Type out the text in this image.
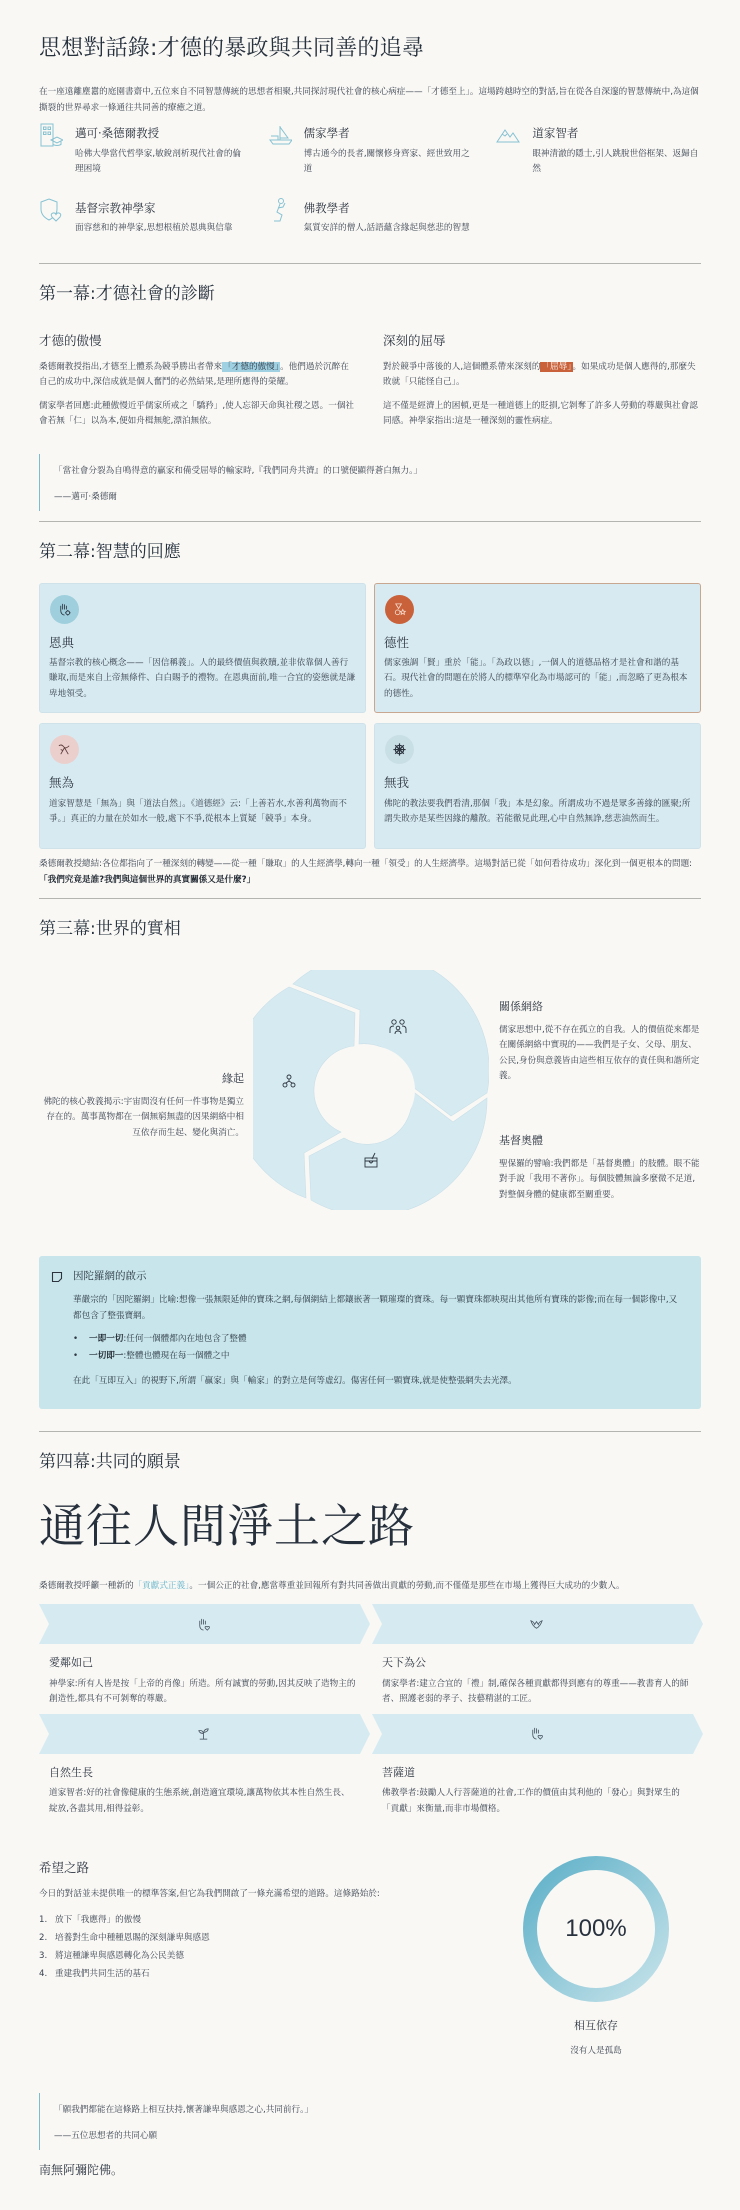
思想對話錄:才德的暴政與共同善的追尋

在一座遠離塵囂的庭園書齋中,五位來自不同智慧傳統的思想者相聚,共同探討現代社會的核心病症——「才德至上」。這場跨越時空的對話,旨在從各自深邃的智慧傳統中,為這個撕裂的世界尋求一條通往共同善的療癒之道。

邁可·桑德爾教授
哈佛大學當代哲學家,敏銳剖析現代社會的倫理困境
儒家學者
博古通今的長者,關懷修身齊家、經世致用之道
道家智者
眼神清澈的隱士,引人跳脫世俗框架、返歸自然
基督宗教神學家
面容慈和的神學家,思想根植於恩典與信靠
佛教學者
氣質安詳的僧人,話語蘊含緣起與慈悲的智慧
第一幕:才德社會的診斷
才德的傲慢

桑德爾教授指出,才德至上體系為競爭勝出者帶來「才德的傲慢」。他們過於沉醉在自己的成功中,深信成就是個人奮鬥的必然結果,是理所應得的榮耀。

儒家學者回應:此種傲慢近乎儒家所戒之「驕矜」,使人忘卻天命與社稷之恩。一個社會若無「仁」以為本,便如舟楫無舵,漂泊無依。

深刻的屈辱

對於競爭中落後的人,這個體系帶來深刻的「屈辱」。如果成功是個人應得的,那麼失敗就「只能怪自己」。

這不僅是經濟上的困頓,更是一種道德上的貶損,它剝奪了許多人勞動的尊嚴與社會認同感。神學家指出:這是一種深刻的靈性病症。

「當社會分裂為自鳴得意的贏家和備受屈辱的輸家時,『我們同舟共濟』的口號便顯得蒼白無力。」
——邁可·桑德爾
第二幕:智慧的回應
恩典

基督宗教的核心概念——「因信稱義」。人的最終價值與救贖,並非依靠個人善行賺取,而是來自上帝無條件、白白賜予的禮物。在恩典面前,唯一合宜的姿態就是謙卑地領受。

德性

儒家強調「賢」重於「能」。「為政以德」,一個人的道德品格才是社會和諧的基石。現代社會的問題在於將人的標準窄化為市場認可的「能」,而忽略了更為根本的德性。

無為

道家智慧是「無為」與「道法自然」。《道德經》云:「上善若水,水善利萬物而不爭。」真正的力量在於如水一般,處下不爭,從根本上質疑「競爭」本身。

無我

佛陀的教法要我們看清,那個「我」本是幻象。所謂成功不過是眾多善緣的匯聚;所謂失敗亦是某些因緣的離散。若能徹見此理,心中自然無諍,慈悲油然而生。

桑德爾教授總結:各位都指向了一種深刻的轉變——從一種「賺取」的人生經濟學,轉向一種「領受」的人生經濟學。這場對話已從「如何看待成功」深化到一個更根本的問題:「我們究竟是誰?我們與這個世界的真實關係又是什麼?」

第三幕:世界的實相
緣起

佛陀的核心教義揭示:宇宙間沒有任何一件事物是獨立存在的。萬事萬物都在一個無窮無盡的因果網絡中相互依存而生起、變化與消亡。

關係網絡

儒家思想中,從不存在孤立的自我。人的價值從來都是在關係網絡中實現的——我們是子女、父母、朋友、公民,身份與意義皆由這些相互依存的責任與和諧所定義。

基督奧體

聖保羅的譬喻:我們都是「基督奧體」的肢體。眼不能對手說「我用不著你」。每個肢體無論多麼微不足道,對整個身體的健康都至關重要。

因陀羅網的啟示

華嚴宗的「因陀羅網」比喻:想像一張無限延伸的寶珠之網,每個網結上都鑲嵌著一顆璀璨的寶珠。每一顆寶珠都映現出其他所有寶珠的影像;而在每一個影像中,又都包含了整張寶網。

• 一即一切:任何一個體都內在地包含了整體
• 一切即一:整體也體現在每一個體之中

在此「互即互入」的視野下,所謂「贏家」與「輸家」的對立是何等虛幻。傷害任何一顆寶珠,就是使整張網失去光澤。

第四幕:共同的願景
通往人間淨土之路

桑德爾教授呼籲一種新的「貢獻式正義」。一個公正的社會,應當尊重並回報所有對共同善做出貢獻的勞動,而不僅僅是那些在市場上獲得巨大成功的少數人。

愛鄰如己

神學家:所有人皆是按「上帝的肖像」所造。所有誠實的勞動,因其反映了造物主的創造性,都具有不可剝奪的尊嚴。

天下為公

儒家學者:建立合宜的「禮」制,確保各種貢獻都得到應有的尊重——教書育人的師者、照護老弱的孝子、技藝精湛的工匠。

自然生長

道家智者:好的社會像健康的生態系統,創造適宜環境,讓萬物依其本性自然生長、綻放,各盡其用,相得益彰。

菩薩道

佛教學者:鼓勵人人行菩薩道的社會,工作的價值由其利他的「發心」與對眾生的「貢獻」來衡量,而非市場價格。

希望之路

今日的對話並未提供唯一的標準答案,但它為我們開啟了一條充滿希望的道路。這條路始於:

1. 放下「我應得」的傲慢
2. 培養對生命中種種恩賜的深刻謙卑與感恩
3. 將這種謙卑與感恩轉化為公民美德
4. 重建我們共同生活的基石
100%
相互依存
沒有人是孤島
「願我們都能在這條路上相互扶持,懷著謙卑與感恩之心,共同前行。」
——五位思想者的共同心願
南無阿彌陀佛。
